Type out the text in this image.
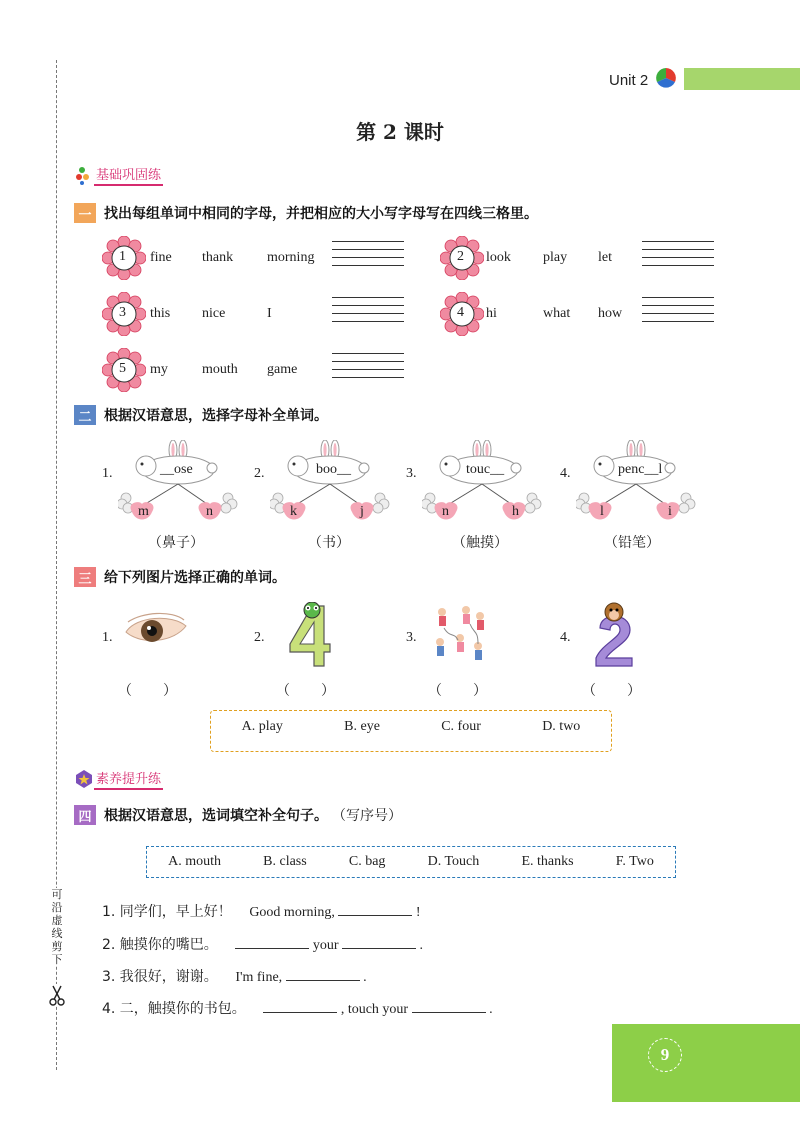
可沿虚线剪下
Unit 2
第 2 课时
基础巩固练
一 找出每组单词中相同的字母，并把相应的大小写字母写在四线三格里。
1 fine thank morning	2 look play let
3 this nice	I	4 hi	what how
5 my mouth game
二 根据汉语意思，选择字母补全单词。
1.	__ose
m	n
（鼻子）
2.	boo__
k	j
（书）
3.	touc__
n	h
（触摸）
4.	penc__l
l	i
（铅笔）
三 给下列图片选择正确的单词。
1.
（　　）
2.
（　　）
3.
（　　）
4.
（　　）
A. play	B. eye	C. four	D. two
素养提升练
四 根据汉语意思，选词填空补全句子。 （写序号）
A. mouth	B. class	C. bag	D. Touch	E. thanks	F. Two
1. 同学们，早上好！ Good morning,	!
2. 触摸你的嘴巴。	your	.
3. 我很好，谢谢。 I'm fine,	.
4. 二，触摸你的书包。	, touch your	.
9
